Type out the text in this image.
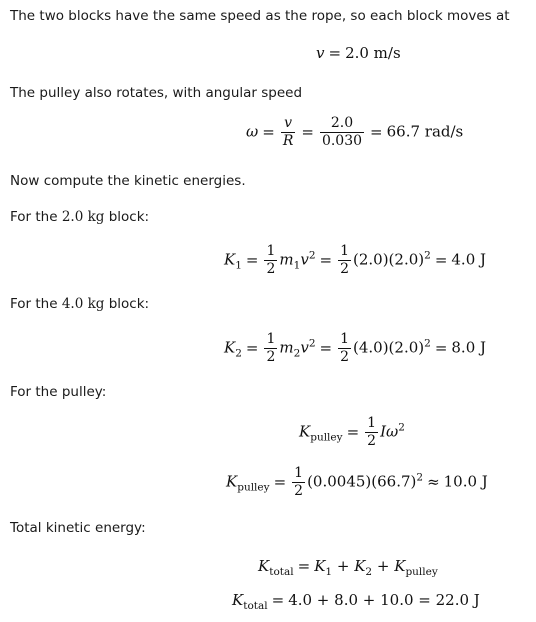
The two blocks have the same speed as the rope, so each block moves at
v = 2.0 m/s
The pulley also rotates, with angular speed
$\omega = \frac{v}{R} = \frac{2.0}{0.030} = 66.7$ rad/s
Now compute the kinetic energies.
For the 2.0 kg block:
$K_1 = \frac{1}{2} m_1v^2 = \frac{1}{2} (2.0)(2.0)^2 = 4.0$ J
For the 4.0 kg block:
$K_2 = \frac{1}{2} m_2v^2 = \frac{1}{2} (4.0)(2.0)^2 = 8.0$ J
For the pulley:
$K_{pulley} = \frac{1}{2} I\omega^2$
$K_{pulley} = \frac{1}{2} (0.0045)(66.7)^2 \approx 10.0$ J
Total kinetic energy:
$K_{total} = K_1 + K_2 + K_{pulley}$
$K_{total} = 4.0 + 8.0 + 10.0 = 22.0$ J
